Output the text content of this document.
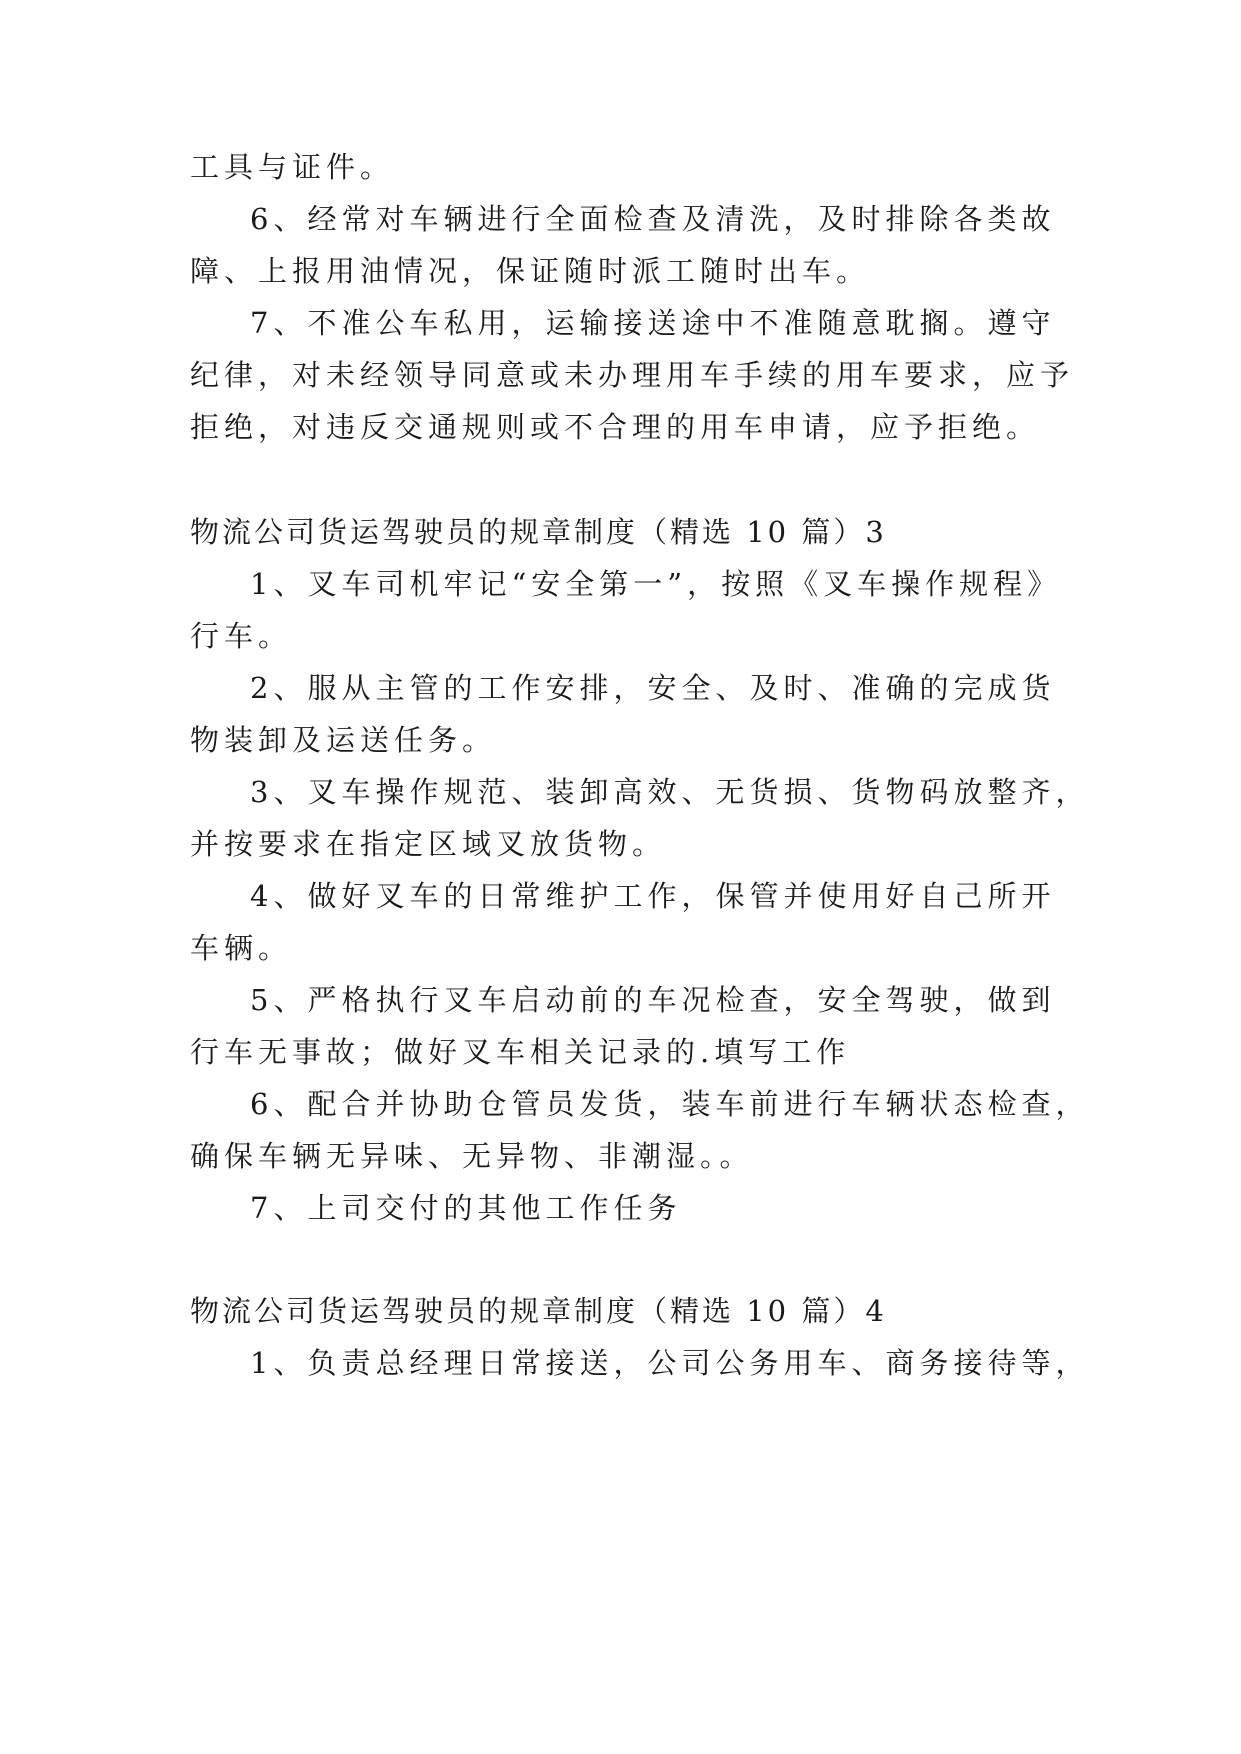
工具与证件。
6、经常对车辆进行全面检查及清洗，及时排除各类故
障、上报用油情况，保证随时派工随时出车。
7、不准公车私用，运输接送途中不准随意耽搁。遵守
纪律，对未经领导同意或未办理用车手续的用车要求，应予
拒绝，对违反交通规则或不合理的用车申请，应予拒绝。
物流公司货运驾驶员的规章制度（精选 10 篇）3
1、叉车司机牢记“安全第一”，按照《叉车操作规程》
行车。
2、服从主管的工作安排，安全、及时、准确的完成货
物装卸及运送任务。
3、叉车操作规范、装卸高效、无货损、货物码放整齐，
并按要求在指定区域叉放货物。
4、做好叉车的日常维护工作，保管并使用好自己所开
车辆。
5、严格执行叉车启动前的车况检查，安全驾驶，做到
行车无事故；做好叉车相关记录的.填写工作
6、配合并协助仓管员发货，装车前进行车辆状态检查，
确保车辆无异味、无异物、非潮湿。。
7、上司交付的其他工作任务
物流公司货运驾驶员的规章制度（精选 10 篇）4
1、负责总经理日常接送，公司公务用车、商务接待等，
